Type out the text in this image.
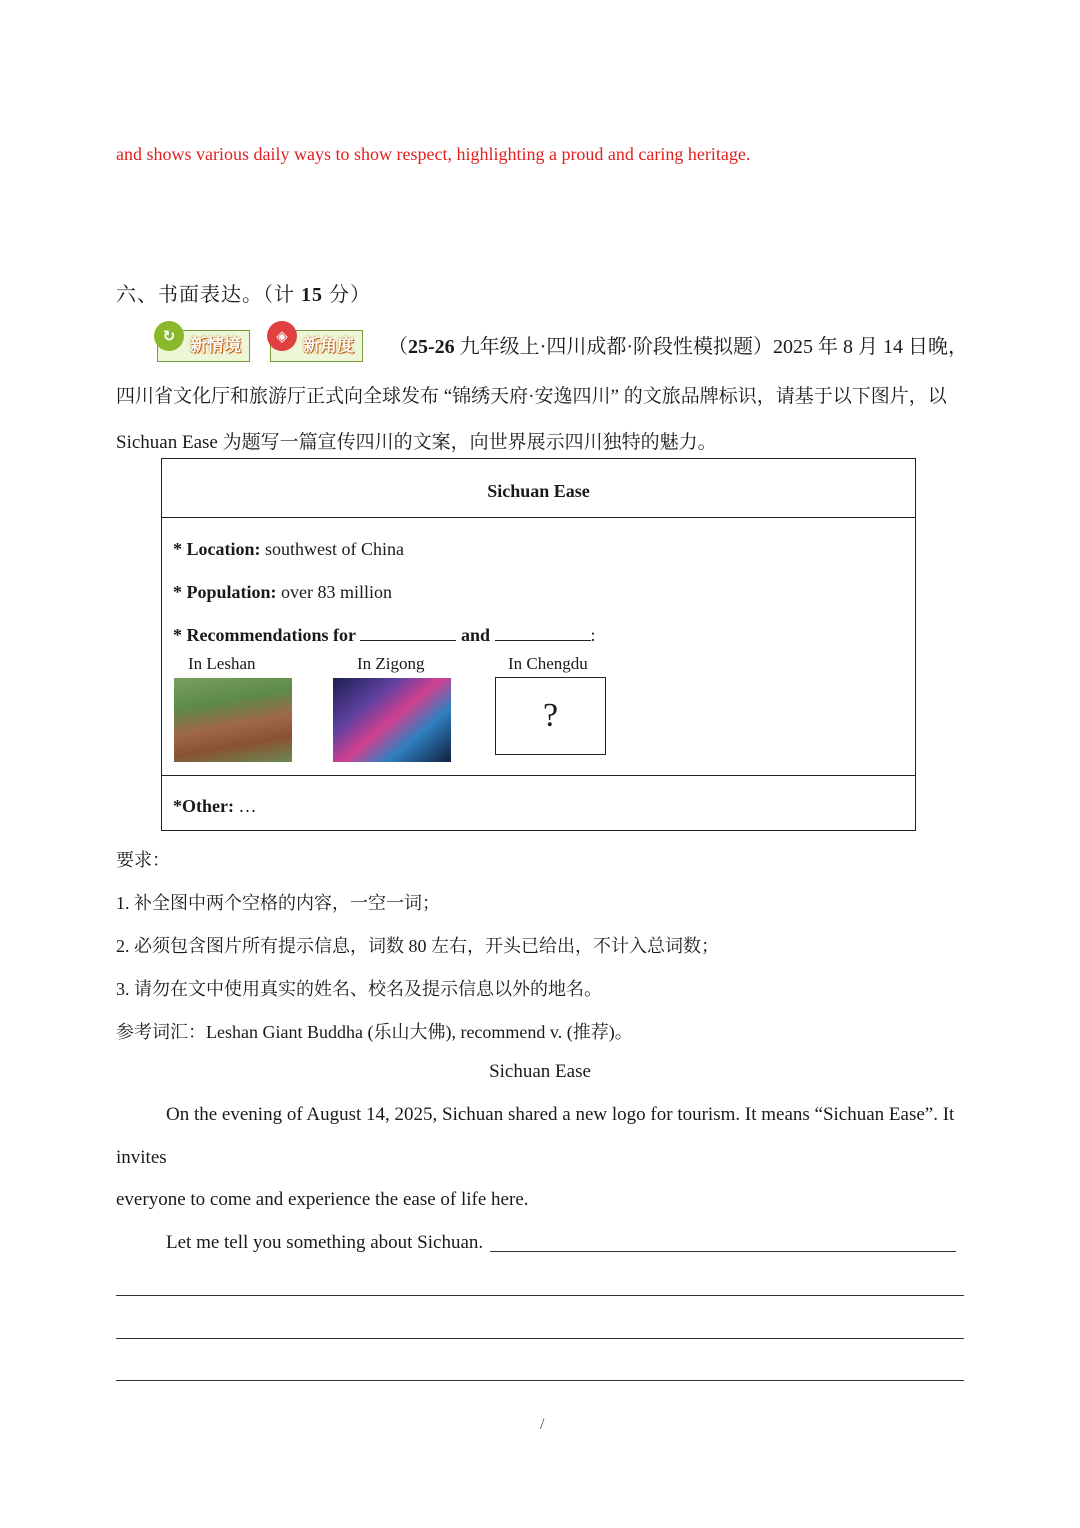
and shows various daily ways to show respect, highlighting a proud and caring heritage.
六、书面表达。（计 15 分）
↻ 新情境	◈ 新角度	（25-26 九年级上·四川成都·阶段性模拟题）2025 年 8 月 14 日晚，
四川省文化厅和旅游厅正式向全球发布 “锦绣天府·安逸四川” 的文旅品牌标识，请基于以下图片，以
Sichuan Ease 为题写一篇宣传四川的文案，向世界展示四川独特的魅力。
Sichuan Ease
* Location: southwest of China
* Population: over 83 million
* Recommendations for	and	:
In Leshan	In Zigong	In Chengdu
?
*Other: …
要求：
1. 补全图中两个空格的内容，一空一词；
2. 必须包含图片所有提示信息，词数 80 左右，开头已给出，不计入总词数；
3. 请勿在文中使用真实的姓名、校名及提示信息以外的地名。
参考词汇：Leshan Giant Buddha (乐山大佛), recommend v. (推荐)。
Sichuan Ease
On the evening of August 14, 2025, Sichuan shared a new logo for tourism. It means “Sichuan Ease”. It
invites
everyone to come and experience the ease of life here.
Let me tell you something about Sichuan.
/
